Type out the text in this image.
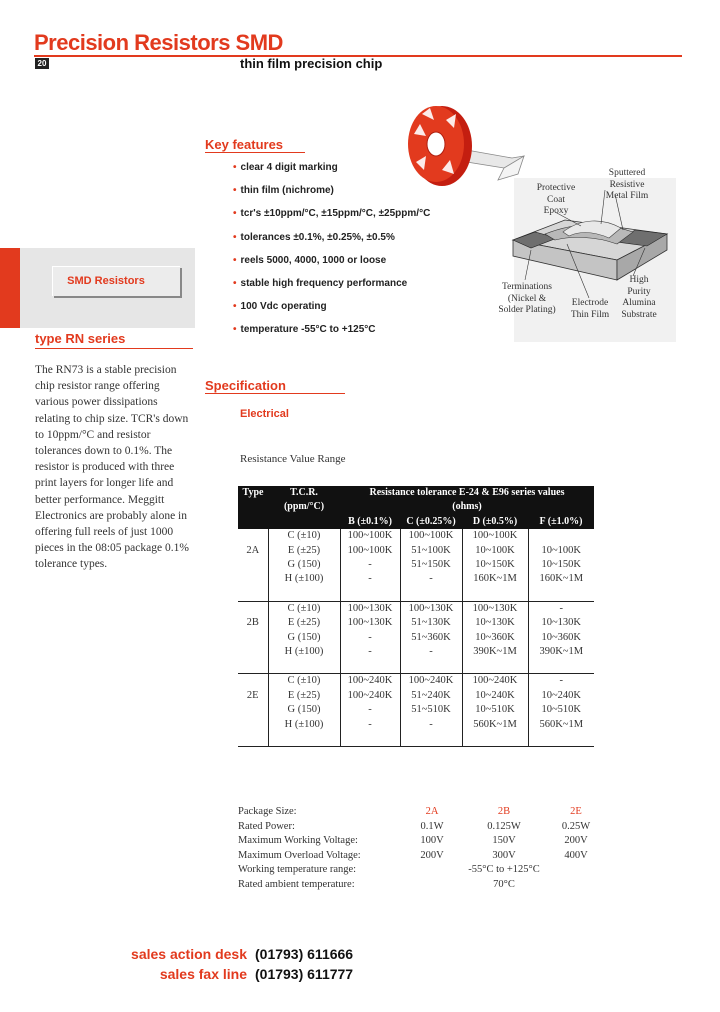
Precision Resistors SMD
20	thin film precision chip
SMD Resistors
type RN series
The RN73 is a stable precision chip resistor range offering various power dissipations relating to chip size. TCR's down to 10ppm/°C and resistor tolerances down to 0.1%. The resistor is produced with three print layers for longer life and better performance. Meggitt Electronics are probably alone in offering full reels of just 1000 pieces in the 08:05 package 0.1% tolerance types.
Key features
• clear 4 digit marking
• thin film (nichrome)
• tcr's ±10ppm/°C, ±15ppm/°C, ±25ppm/°C
• tolerances ±0.1%, ±0.25%, ±0.5%
• reels 5000, 4000, 1000 or loose
• stable high frequency performance
• 100 Vdc operating
• temperature -55°C to +125°C
Protective
Coat
Epoxy
Sputtered
Resistive
Metal Film
Terminations
(Nickel &
Solder Plating)
Electrode
Thin Film
High
Purity
Alumina
Substrate
Specification
Electrical
Resistance Value Range
Type	T.C.R.	Resistance tolerance E-24 & E96 series values			
	(ppm/°C)	(ohms)			
		B (±0.1%)	C (±0.25%)	D (±0.5%)	F (±1.0%)
	C (±10)	100~100K	100~100K	100~100K	
2A	E (±25)	100~100K	51~100K	10~100K	10~100K
	G (150)	-	51~150K	10~150K	10~150K
	H (±100)	-	-	160K~1M	160K~1M

	C (±10)	100~130K	100~130K	100~130K	-
2B	E (±25)	100~130K	51~130K	10~130K	10~130K
	G (150)	-	51~360K	10~360K	10~360K
	H (±100)	-	-	390K~1M	390K~1M

	C (±10)	100~240K	100~240K	100~240K	-
2E	E (±25)	100~240K	51~240K	10~240K	10~240K
	G (150)	-	51~510K	10~510K	10~510K
	H (±100)	-	-	560K~1M	560K~1M

Package Size:	2A	2B	2E
Rated Power:	0.1W	0.125W	0.25W
Maximum Working Voltage:	100V	150V	200V
Maximum Overload Voltage:	200V	300V	400V
Working temperature range:		-55°C to +125°C	
Rated ambient temperature:		70°C	
sales action desk (01793) 611666
sales fax line (01793) 611777
